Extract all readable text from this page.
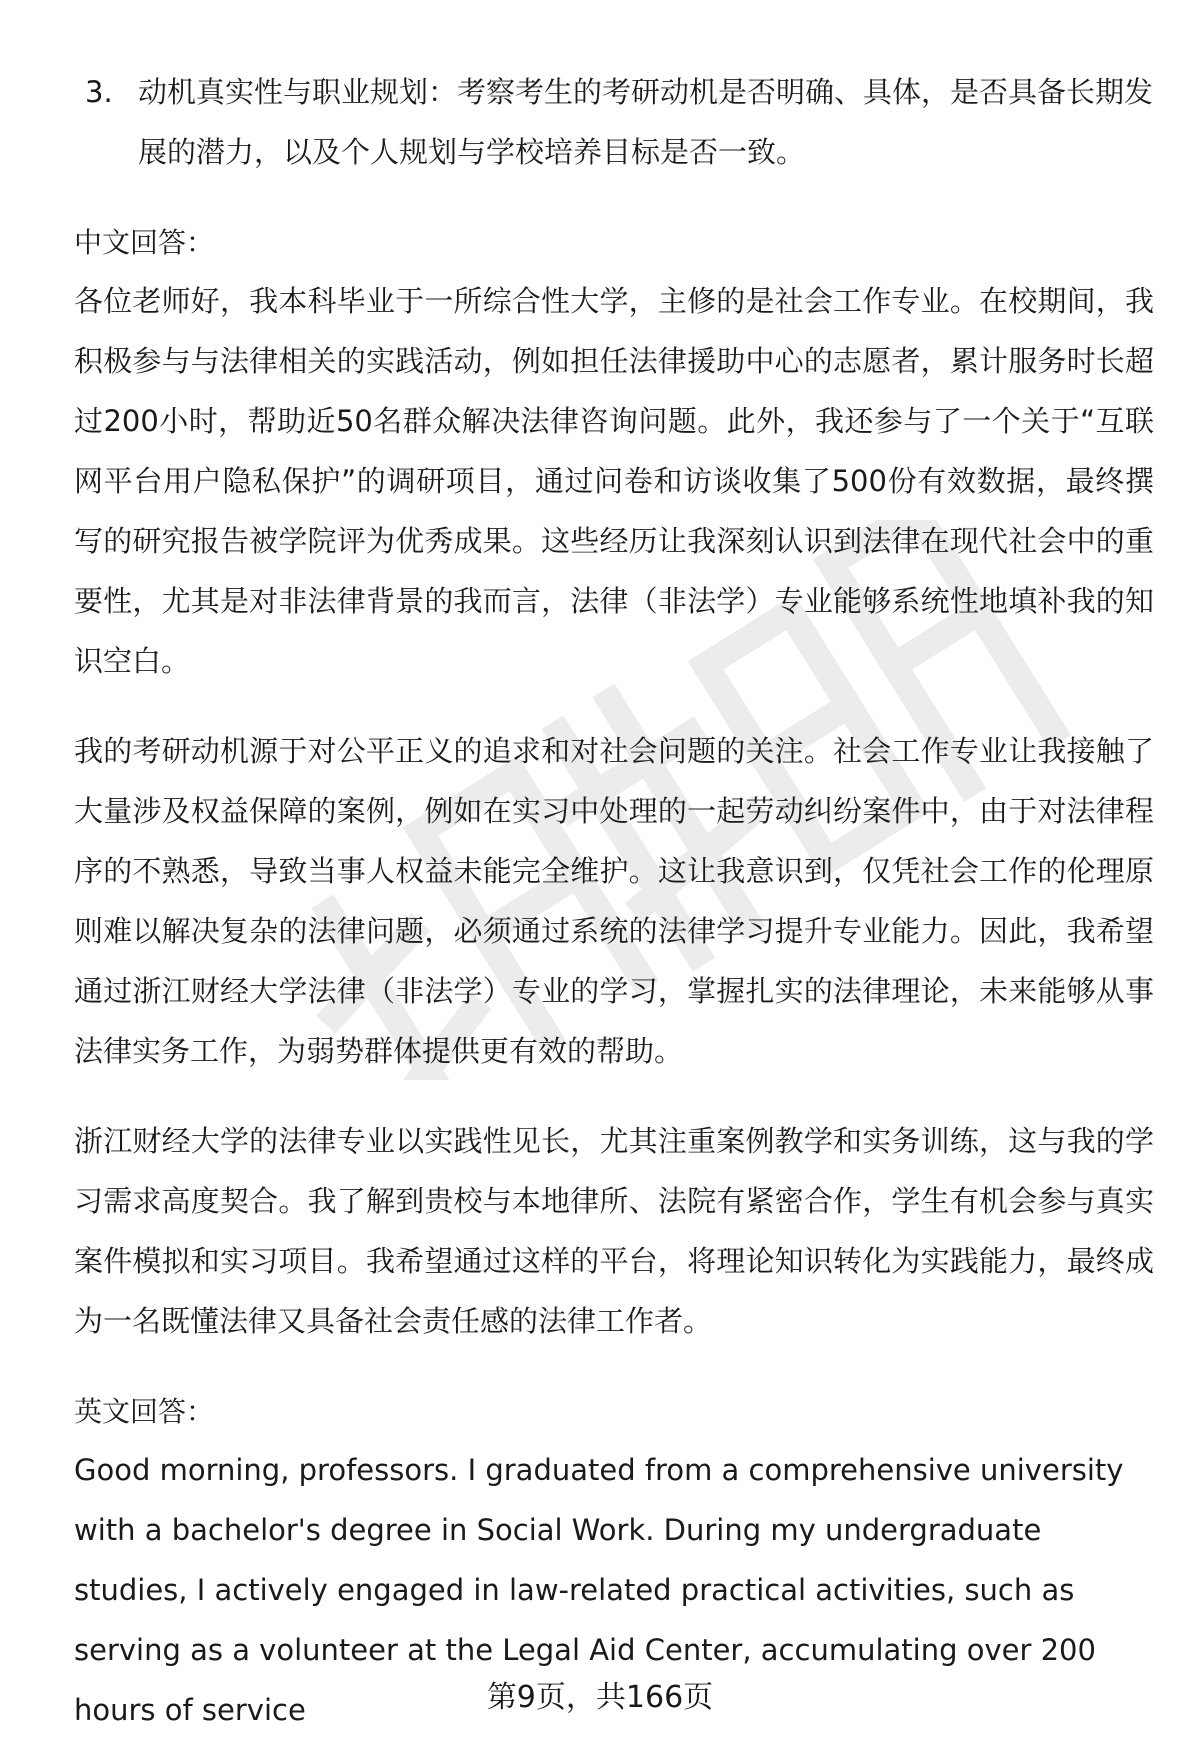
3. 动机真实性与职业规划：考察考生的考研动机是否明确、具体，是否具备长期发展的潜力，以及个人规划与学校培养目标是否一致。
中文回答：

各位老师好，我本科毕业于一所综合性大学，主修的是社会工作专业。在校期间，我积极参与与法律相关的实践活动，例如担任法律援助中心的志愿者，累计服务时长超过200小时，帮助近50名群众解决法律咨询问题。此外，我还参与了一个关于“互联网平台用户隐私保护”的调研项目，通过问卷和访谈收集了500份有效数据，最终撰写的研究报告被学院评为优秀成果。这些经历让我深刻认识到法律在现代社会中的重要性，尤其是对非法律背景的我而言，法律（非法学）专业能够系统性地填补我的知识空白。

我的考研动机源于对公平正义的追求和对社会问题的关注。社会工作专业让我接触了大量涉及权益保障的案例，例如在实习中处理的一起劳动纠纷案件中，由于对法律程序的不熟悉，导致当事人权益未能完全维护。这让我意识到，仅凭社会工作的伦理原则难以解决复杂的法律问题，必须通过系统的法律学习提升专业能力。因此，我希望通过浙江财经大学法律（非法学）专业的学习，掌握扎实的法律理论，未来能够从事法律实务工作，为弱势群体提供更有效的帮助。

浙江财经大学的法律专业以实践性见长，尤其注重案例教学和实务训练，这与我的学习需求高度契合。我了解到贵校与本地律所、法院有紧密合作，学生有机会参与真实案件模拟和实习项目。我希望通过这样的平台，将理论知识转化为实践能力，最终成为一名既懂法律又具备社会责任感的法律工作者。

英文回答：

Good morning, professors. I graduated from a comprehensive university with a bachelor's degree in Social Work. During my undergraduate studies, I actively engaged in law-related practical activities, such as serving as a volunteer at the Legal Aid Center, accumulating over 200 hours of service	第9页，共166页
